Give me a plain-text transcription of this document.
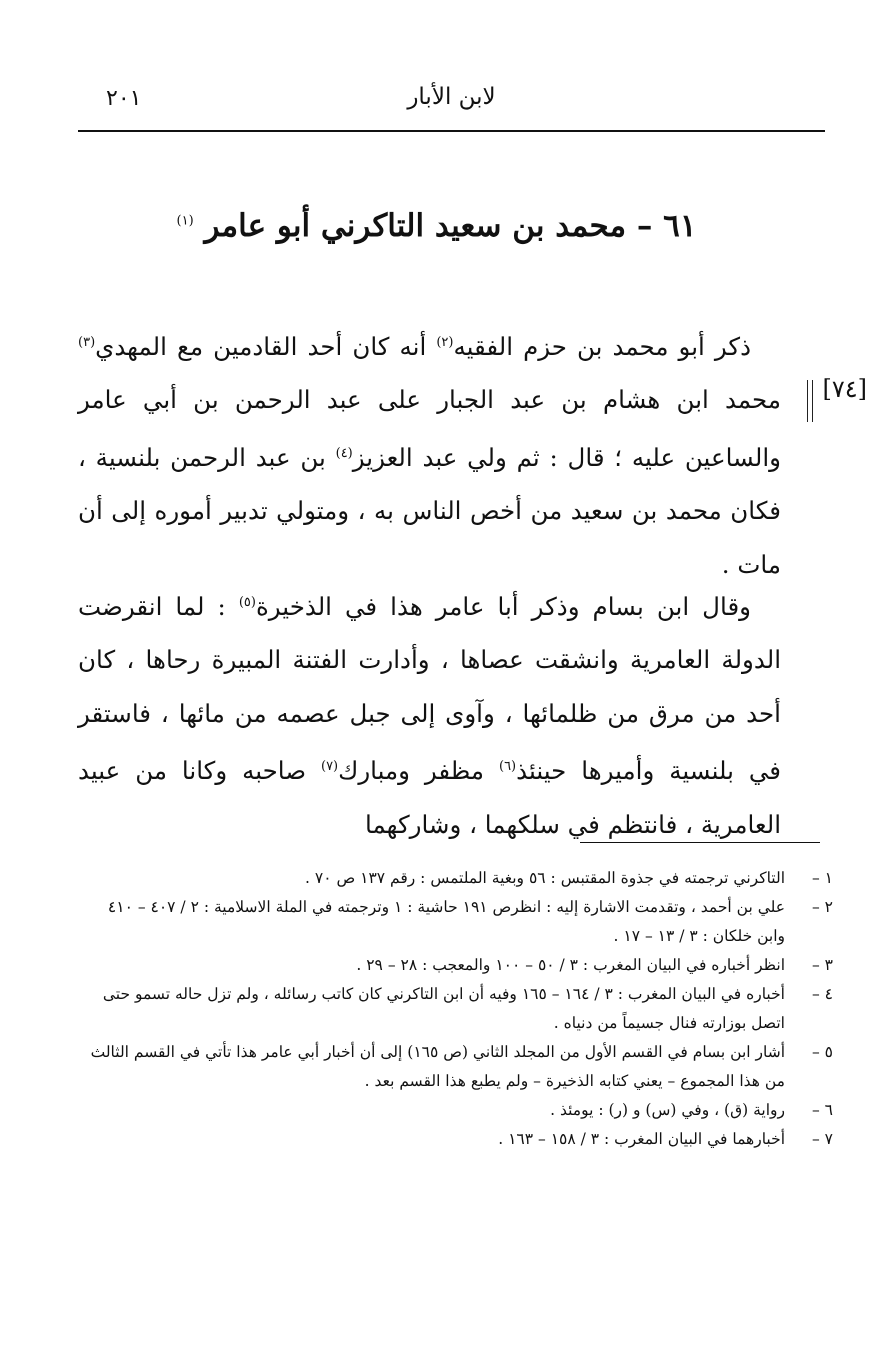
لابن الأبار
٢٠١
٦١ – محمد بن سعيد التاكرني أبو عامر $^{(١)}$
[٧٤]

ذكر أبو محمد بن حزم الفقيه$^{(٢)}$ أنه كان أحد القادمين مع المهدي$^{(٣)}$ محمد ابن هشام بن عبد الجبار على عبد الرحمن بن أبي عامر والساعين عليه ؛ قال : ثم ولي عبد العزيز$^{(٤)}$ بن عبد الرحمن بلنسية ، فكان محمد بن سعيد من أخص الناس به ، ومتولي تدبير أموره إلى أن مات .

وقال ابن بسام وذكر أبا عامر هذا في الذخيرة$^{(٥)}$ : لما انقرضت الدولة العامرية وانشقت عصاها ، وأدارت الفتنة المبيرة رحاها ، كان أحد من مرق من ظلمائها ، وآوى إلى جبل عصمه من مائها ، فاستقر في بلنسية وأميرها حينئذ$^{(٦)}$ مظفر ومبارك$^{(٧)}$ صاحبه وكانا من عبيد العامرية ، فانتظم في سلكهما ، وشاركهما

١ –
التاكرني ترجمته في جذوة المقتبس : ٥٦ وبغية الملتمس : رقم ١٣٧ ص ٧٠ .
٢ –
علي بن أحمد ، وتقدمت الاشارة إليه : انظرص ١٩١ حاشية : ١ وترجمته في الملة الاسلامية : ٢ / ٤٠٧ – ٤١٠ وابن خلكان : ٣ / ١٣ – ١٧ .
٣ –
انظر أخباره في البيان المغرب : ٣ / ٥٠ – ١٠٠ والمعجب : ٢٨ – ٢٩ .
٤ –
أخباره في البيان المغرب : ٣ / ١٦٤ – ١٦٥ وفيه أن ابن التاكرني كان كاتب رسائله ، ولم تزل حاله تسمو حتى اتصل بوزارته فنال جسيماً من دنياه .
٥ –
أشار ابن بسام في القسم الأول من المجلد الثاني (ص ١٦٥) إلى أن أخبار أبي عامر هذا تأتي في القسم الثالث من هذا المجموع – يعني كتابه الذخيرة – ولم يطبع هذا القسم بعد .
٦ –
رواية (ق) ، وفي (س) و (ر) : يومئذ .
٧ –
أخبارهما في البيان المغرب : ٣ / ١٥٨ – ١٦٣ .
